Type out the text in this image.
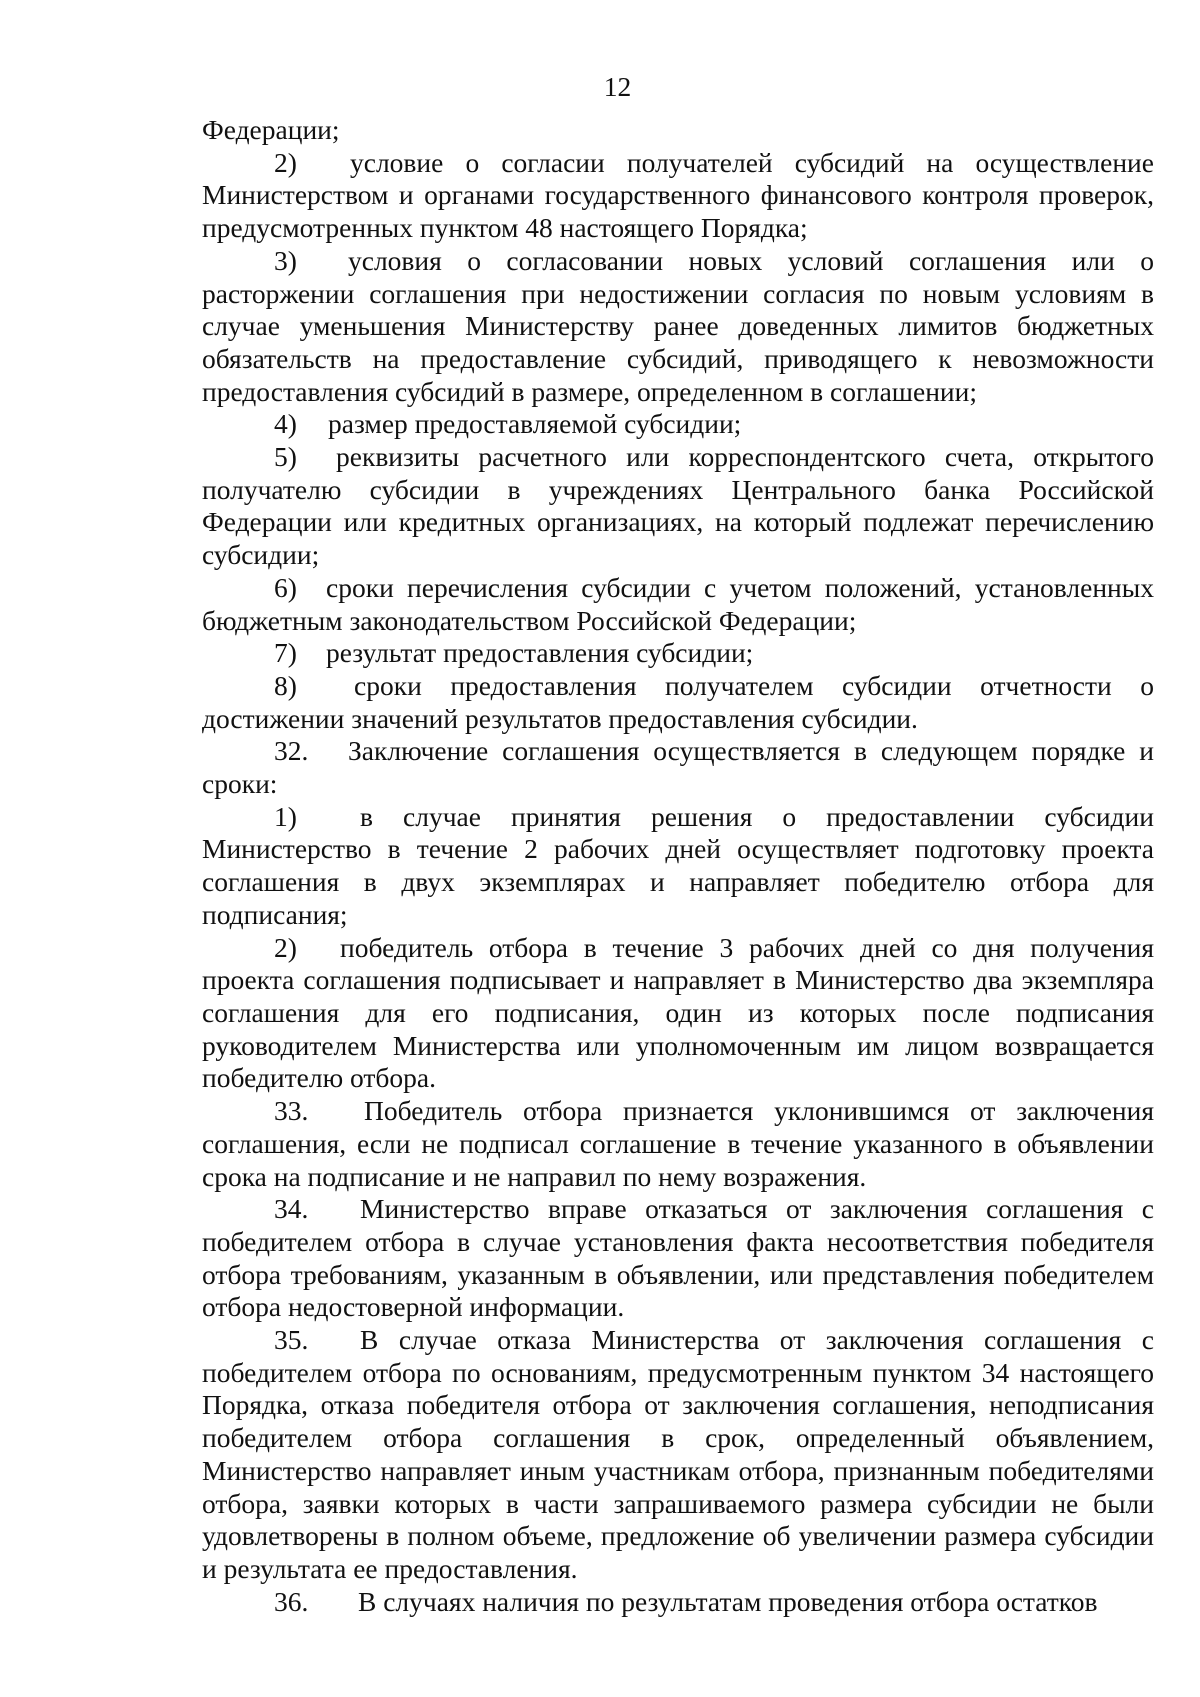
12

Федерации;

2) условие о согласии получателей субсидий на осуществление Министерством и органами государственного финансового контроля проверок, предусмотренных пунктом 48 настоящего Порядка;

3) условия о согласовании новых условий соглашения или о расторжении соглашения при недостижении согласия по новым условиям в случае уменьшения Министерству ранее доведенных лимитов бюджетных обязательств на предоставление субсидий, приводящего к невозможности предоставления субсидий в размере, определенном в соглашении;

4) размер предоставляемой субсидии;

5) реквизиты расчетного или корреспондентского счета, открытого получателю субсидии в учреждениях Центрального банка Российской Федерации или кредитных организациях, на который подлежат перечислению субсидии;

6) сроки перечисления субсидии с учетом положений, установленных бюджетным законодательством Российской Федерации;

7) результат предоставления субсидии;

8) сроки предоставления получателем субсидии отчетности о достижении значений результатов предоставления субсидии.

32. Заключение соглашения осуществляется в следующем порядке и сроки:

1) в случае принятия решения о предоставлении субсидии Министерство в течение 2 рабочих дней осуществляет подготовку проекта соглашения в двух экземплярах и направляет победителю отбора для подписания;

2) победитель отбора в течение 3 рабочих дней со дня получения проекта соглашения подписывает и направляет в Министерство два экземпляра соглашения для его подписания, один из которых после подписания руководителем Министерства или уполномоченным им лицом возвращается победителю отбора.

33. Победитель отбора признается уклонившимся от заключения соглашения, если не подписал соглашение в течение указанного в объявлении срока на подписание и не направил по нему возражения.

34. Министерство вправе отказаться от заключения соглашения с победителем отбора в случае установления факта несоответствия победителя отбора требованиям, указанным в объявлении, или представления победителем отбора недостоверной информации.

35. В случае отказа Министерства от заключения соглашения с победителем отбора по основаниям, предусмотренным пунктом 34 настоящего Порядка, отказа победителя отбора от заключения соглашения, неподписания победителем отбора соглашения в срок, определенный объявлением, Министерство направляет иным участникам отбора, признанным победителями отбора, заявки которых в части запрашиваемого размера субсидии не были удовлетворены в полном объеме, предложение об увеличении размера субсидии и результата ее предоставления.

36. В случаях наличия по результатам проведения отбора остатков
